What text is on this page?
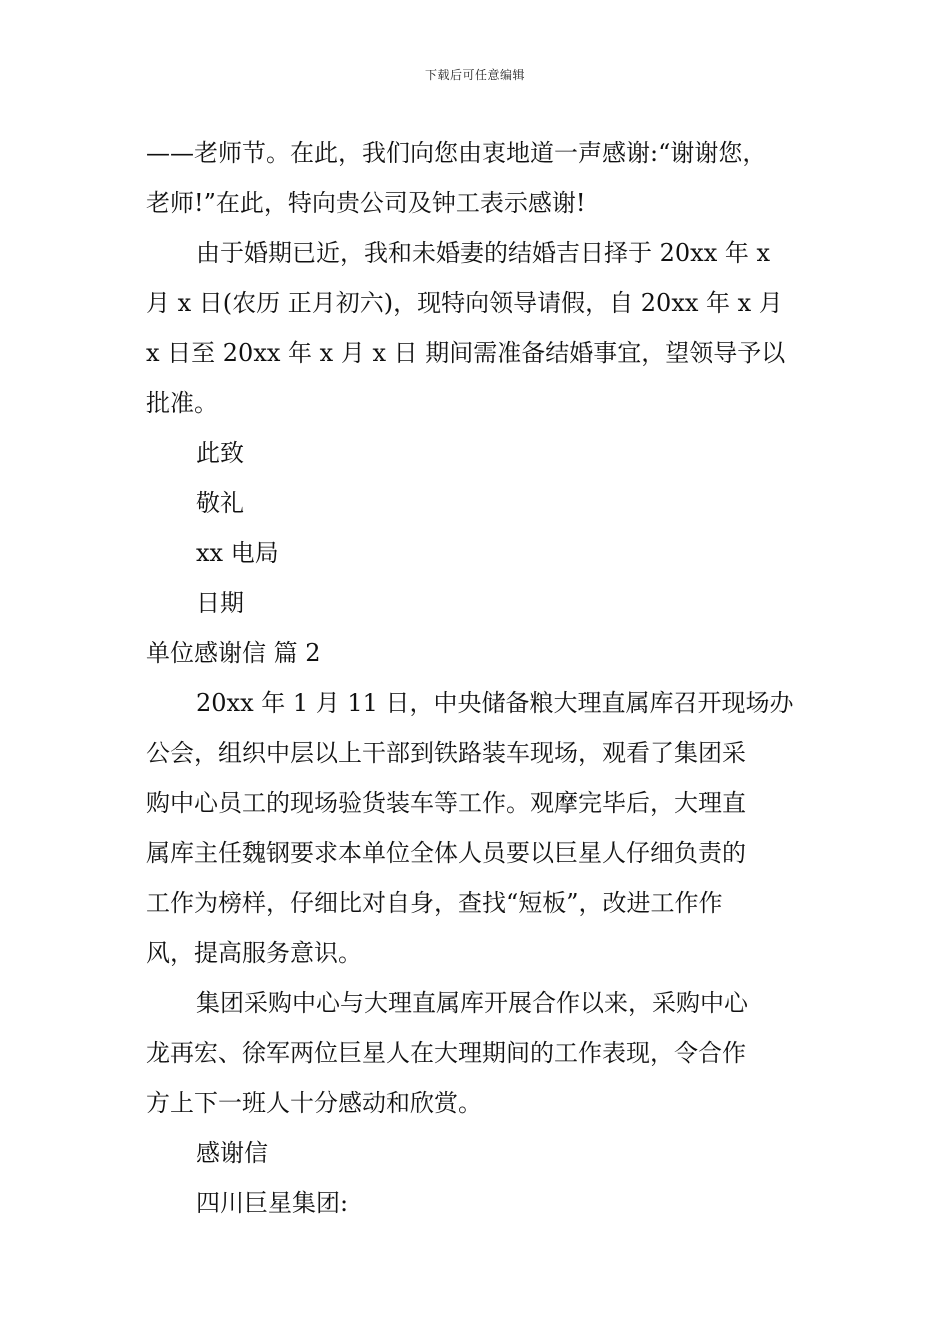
下载后可任意编辑
——老师节。在此，我们向您由衷地道一声感谢:“谢谢您，
老师!”在此，特向贵公司及钟工表示感谢!
由于婚期已近，我和未婚妻的结婚吉日择于 20xx 年 x
月 x 日(农历 正月初六)，现特向领导请假，自 20xx 年 x 月
x 日至 20xx 年 x 月 x 日 期间需准备结婚事宜，望领导予以
批准。
此致
敬礼
xx 电局
日期
单位感谢信 篇 2
20xx 年 1 月 11 日，中央储备粮大理直属库召开现场办
公会，组织中层以上干部到铁路装车现场，观看了集团采
购中心员工的现场验货装车等工作。观摩完毕后，大理直
属库主任魏钢要求本单位全体人员要以巨星人仔细负责的
工作为榜样，仔细比对自身，查找“短板”，改进工作作
风，提高服务意识。
集团采购中心与大理直属库开展合作以来，采购中心
龙再宏、徐军两位巨星人在大理期间的工作表现，令合作
方上下一班人十分感动和欣赏。
感谢信
四川巨星集团:
